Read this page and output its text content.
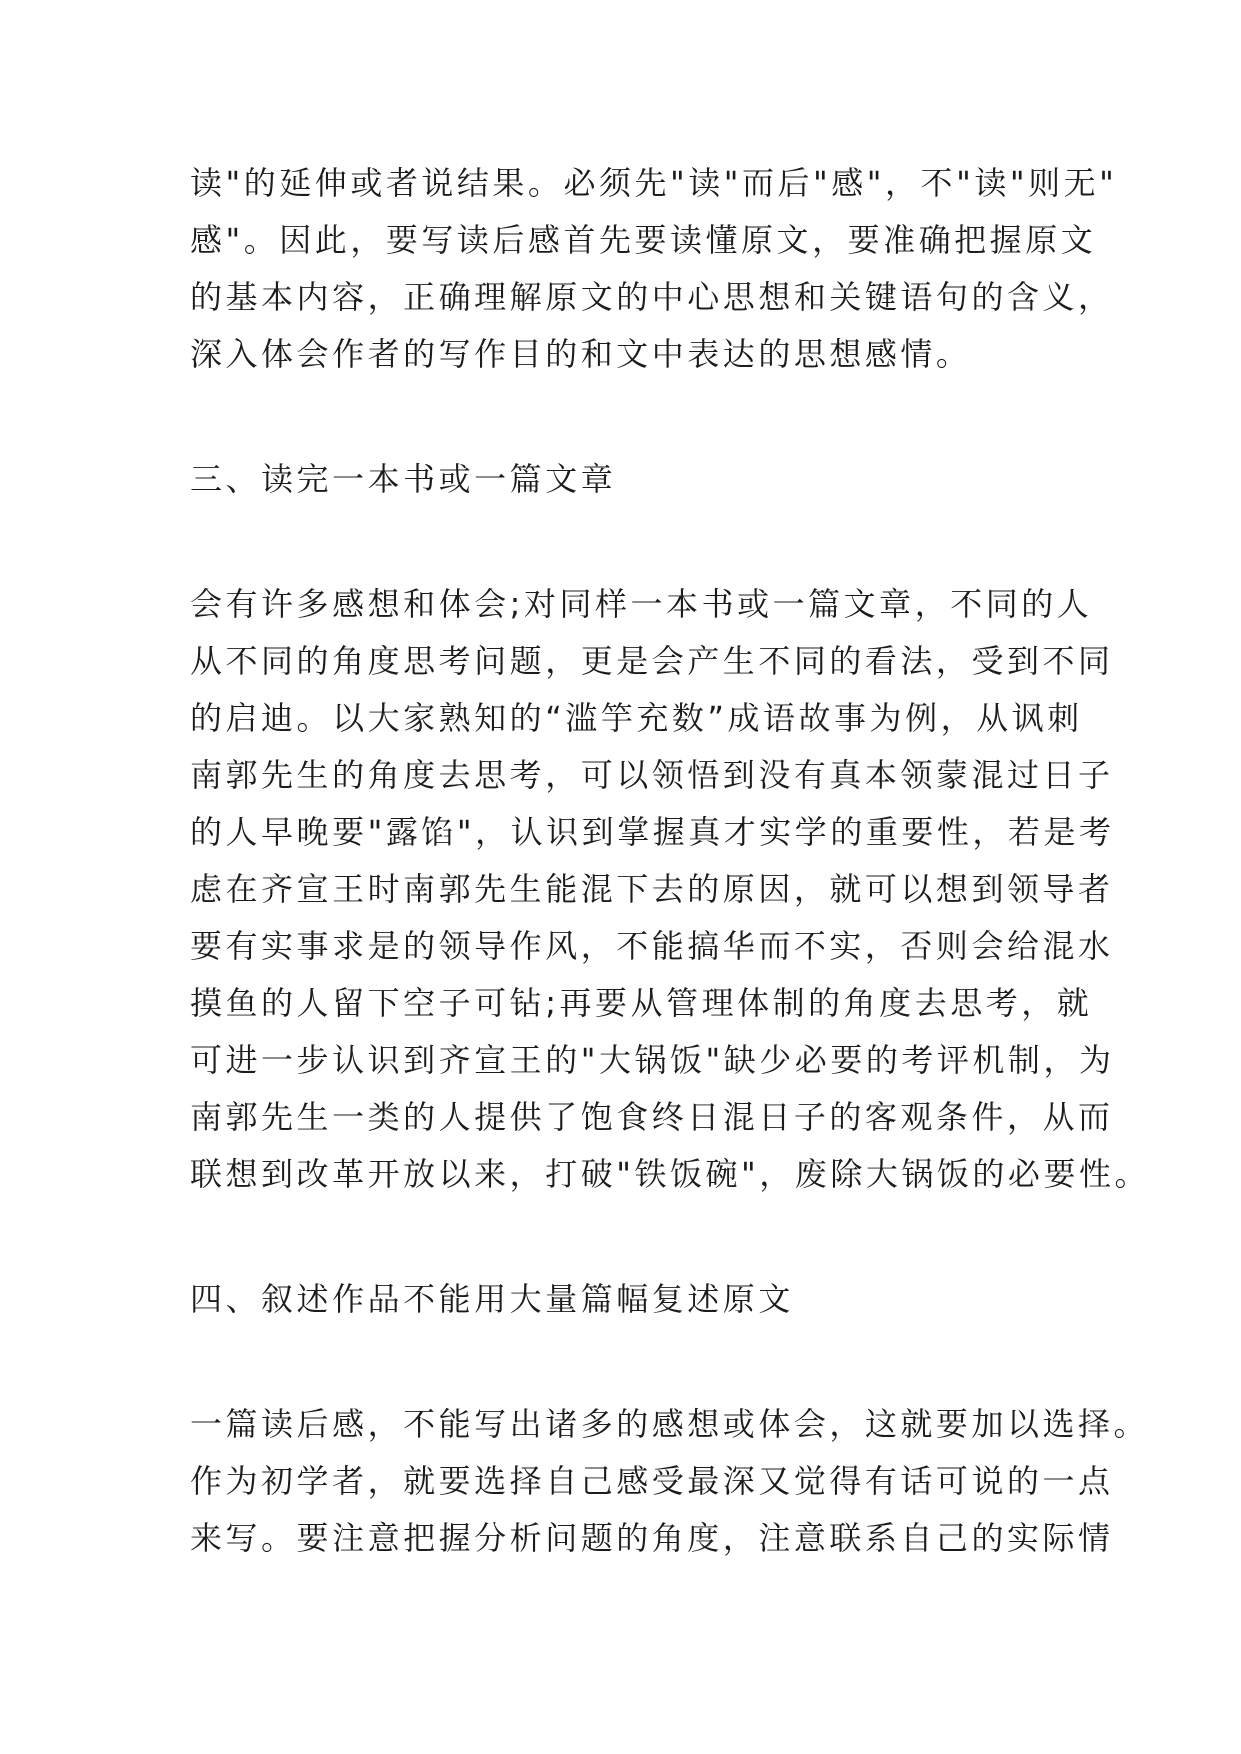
读"的延伸或者说结果。必须先"读"而后"感"，不"读"则无"
感"。因此，要写读后感首先要读懂原文，要准确把握原文
的基本内容，正确理解原文的中心思想和关键语句的含义，
深入体会作者的写作目的和文中表达的思想感情。
三、读完一本书或一篇文章
会有许多感想和体会;对同样一本书或一篇文章，不同的人
从不同的角度思考问题，更是会产生不同的看法，受到不同
的启迪。以大家熟知的“滥竽充数”成语故事为例，从讽刺
南郭先生的角度去思考，可以领悟到没有真本领蒙混过日子
的人早晚要"露馅"，认识到掌握真才实学的重要性，若是考
虑在齐宣王时南郭先生能混下去的原因，就可以想到领导者
要有实事求是的领导作风，不能搞华而不实，否则会给混水
摸鱼的人留下空子可钻;再要从管理体制的角度去思考，就
可进一步认识到齐宣王的"大锅饭"缺少必要的考评机制，为
南郭先生一类的人提供了饱食终日混日子的客观条件，从而
联想到改革开放以来，打破"铁饭碗"，废除大锅饭的必要性。
四、叙述作品不能用大量篇幅复述原文
一篇读后感，不能写出诸多的感想或体会，这就要加以选择。
作为初学者，就要选择自己感受最深又觉得有话可说的一点
来写。要注意把握分析问题的角度，注意联系自己的实际情
